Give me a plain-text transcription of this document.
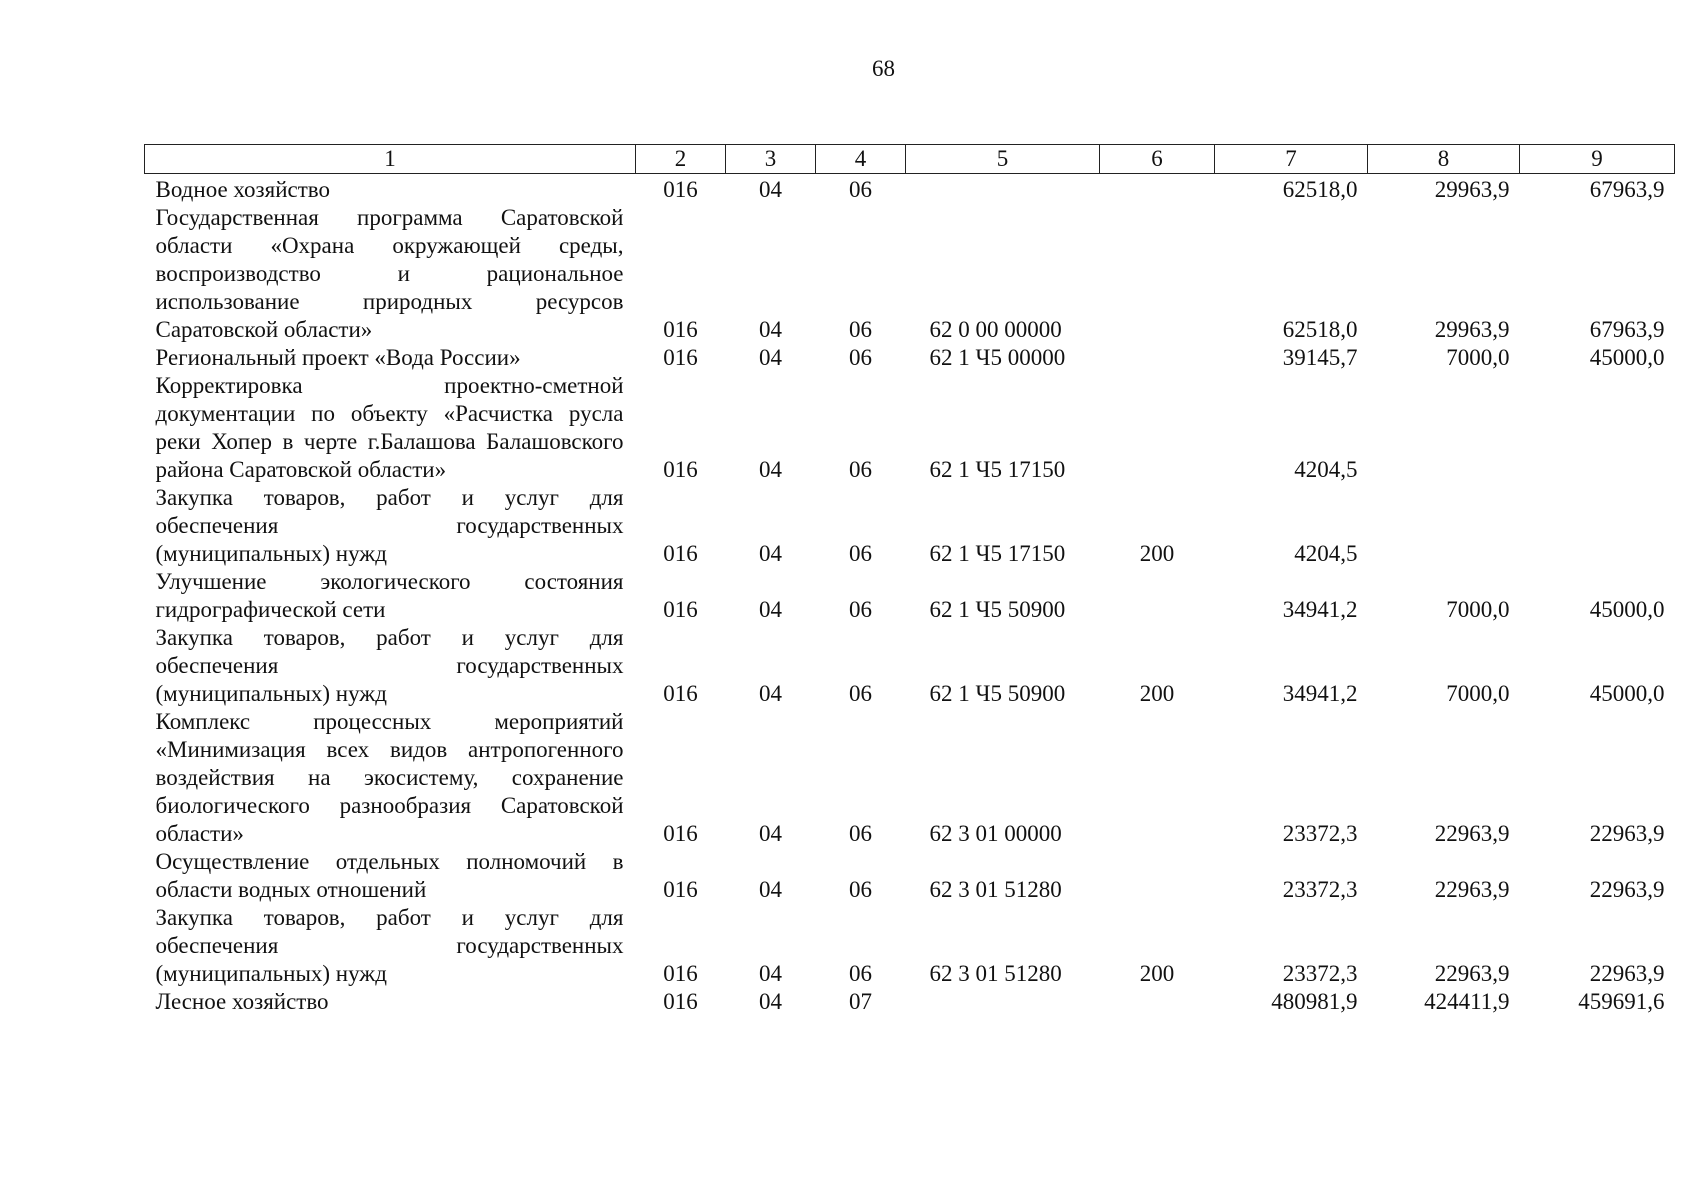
68
1	2	3	4	5	6	7	8	9
Водное хозяйство	016	04	06			62518,0	29963,9	67963,9
Государственная программа Саратовской области «Охрана окружающей среды, воспроизводство и рациональное использование природных ресурсов Саратовской области»	016	04	06	62 0 00 00000		62518,0	29963,9	67963,9
Региональный проект «Вода России»	016	04	06	62 1 Ч5 00000		39145,7	7000,0	45000,0
Корректировка проектно-сметной документации по объекту «Расчистка русла реки Хопер в черте г.Балашова Балашовского района Саратовской области»	016	04	06	62 1 Ч5 17150		4204,5		
Закупка товаров, работ и услуг для обеспечения государственных (муниципальных) нужд	016	04	06	62 1 Ч5 17150	200	4204,5		
Улучшение экологического состояния гидрографической сети	016	04	06	62 1 Ч5 50900		34941,2	7000,0	45000,0
Закупка товаров, работ и услуг для обеспечения государственных (муниципальных) нужд	016	04	06	62 1 Ч5 50900	200	34941,2	7000,0	45000,0
Комплекс процессных мероприятий «Минимизация всех видов антропогенного воздействия на экосистему, сохранение биологического разнообразия Саратовской области»	016	04	06	62 3 01 00000		23372,3	22963,9	22963,9
Осуществление отдельных полномочий в области водных отношений	016	04	06	62 3 01 51280		23372,3	22963,9	22963,9
Закупка товаров, работ и услуг для обеспечения государственных (муниципальных) нужд	016	04	06	62 3 01 51280	200	23372,3	22963,9	22963,9
Лесное хозяйство	016	04	07			480981,9	424411,9	459691,6
